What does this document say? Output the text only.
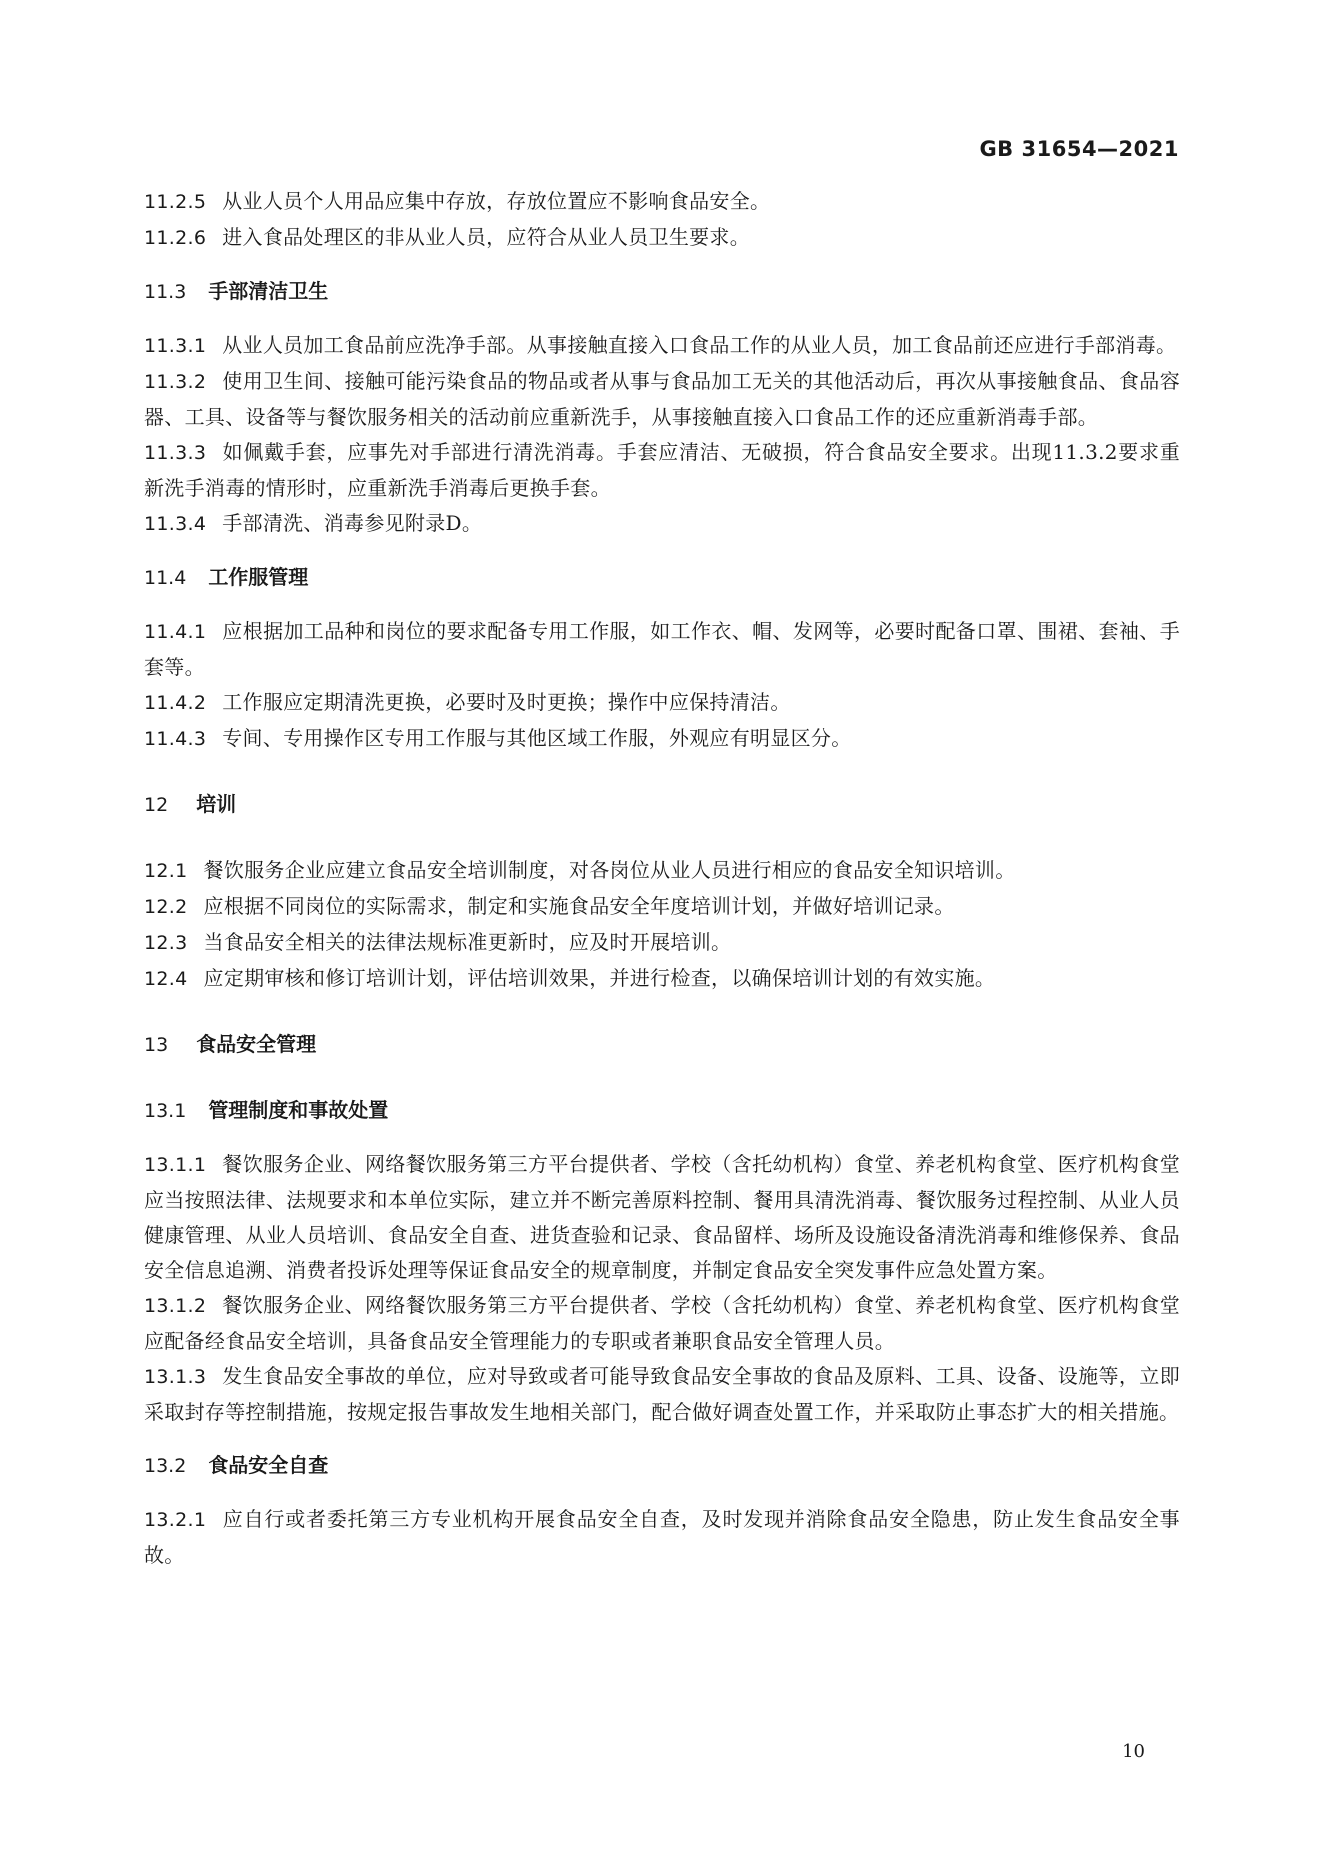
GB 31654—2021

11.2.5 从业人员个人用品应集中存放，存放位置应不影响食品安全。

11.2.6 进入食品处理区的非从业人员，应符合从业人员卫生要求。

11.3 手部清洁卫生

11.3.1 从业人员加工食品前应洗净手部。从事接触直接入口食品工作的从业人员，加工食品前还应进行手部消毒。

11.3.2 使用卫生间、接触可能污染食品的物品或者从事与食品加工无关的其他活动后，再次从事接触食品、食品容器、工具、设备等与餐饮服务相关的活动前应重新洗手，从事接触直接入口食品工作的还应重新消毒手部。

11.3.3 如佩戴手套，应事先对手部进行清洗消毒。手套应清洁、无破损，符合食品安全要求。出现11.3.2要求重新洗手消毒的情形时，应重新洗手消毒后更换手套。

11.3.4 手部清洗、消毒参见附录D。

11.4 工作服管理

11.4.1 应根据加工品种和岗位的要求配备专用工作服，如工作衣、帽、发网等，必要时配备口罩、围裙、套袖、手套等。

11.4.2 工作服应定期清洗更换，必要时及时更换；操作中应保持清洁。

11.4.3 专间、专用操作区专用工作服与其他区域工作服，外观应有明显区分。

12 培训

12.1 餐饮服务企业应建立食品安全培训制度，对各岗位从业人员进行相应的食品安全知识培训。

12.2 应根据不同岗位的实际需求，制定和实施食品安全年度培训计划，并做好培训记录。

12.3 当食品安全相关的法律法规标准更新时，应及时开展培训。

12.4 应定期审核和修订培训计划，评估培训效果，并进行检查，以确保培训计划的有效实施。

13 食品安全管理
13.1 管理制度和事故处置

13.1.1 餐饮服务企业、网络餐饮服务第三方平台提供者、学校（含托幼机构）食堂、养老机构食堂、医疗机构食堂应当按照法律、法规要求和本单位实际，建立并不断完善原料控制、餐用具清洗消毒、餐饮服务过程控制、从业人员健康管理、从业人员培训、食品安全自查、进货查验和记录、食品留样、场所及设施设备清洗消毒和维修保养、食品安全信息追溯、消费者投诉处理等保证食品安全的规章制度，并制定食品安全突发事件应急处置方案。

13.1.2 餐饮服务企业、网络餐饮服务第三方平台提供者、学校（含托幼机构）食堂、养老机构食堂、医疗机构食堂应配备经食品安全培训，具备食品安全管理能力的专职或者兼职食品安全管理人员。

13.1.3 发生食品安全事故的单位，应对导致或者可能导致食品安全事故的食品及原料、工具、设备、设施等，立即采取封存等控制措施，按规定报告事故发生地相关部门，配合做好调查处置工作，并采取防止事态扩大的相关措施。

13.2 食品安全自查

13.2.1 应自行或者委托第三方专业机构开展食品安全自查，及时发现并消除食品安全隐患，防止发生食品安全事故。

10
